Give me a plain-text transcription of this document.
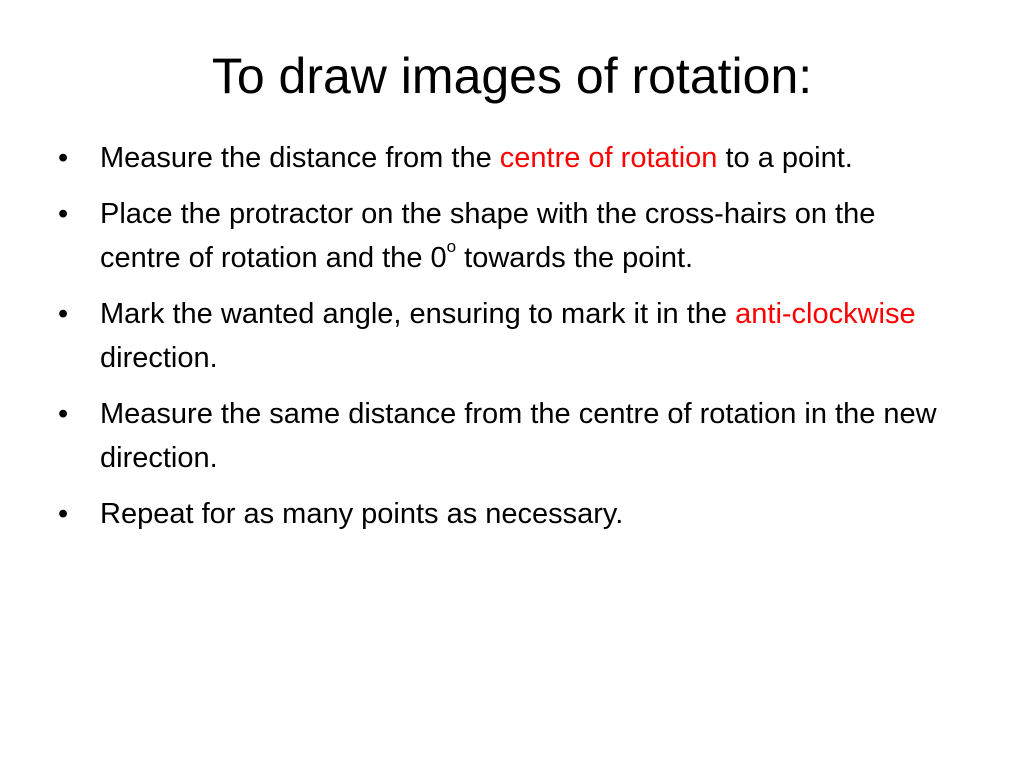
To draw images of rotation:
• Measure the distance from the centre of rotation to a point.
• Place the protractor on the shape with the cross-hairs on the centre of rotation and the 0$^o$ towards the point.
• Mark the wanted angle, ensuring to mark it in the anti-clockwise direction.
• Measure the same distance from the centre of rotation in the new direction.
• Repeat for as many points as necessary.
